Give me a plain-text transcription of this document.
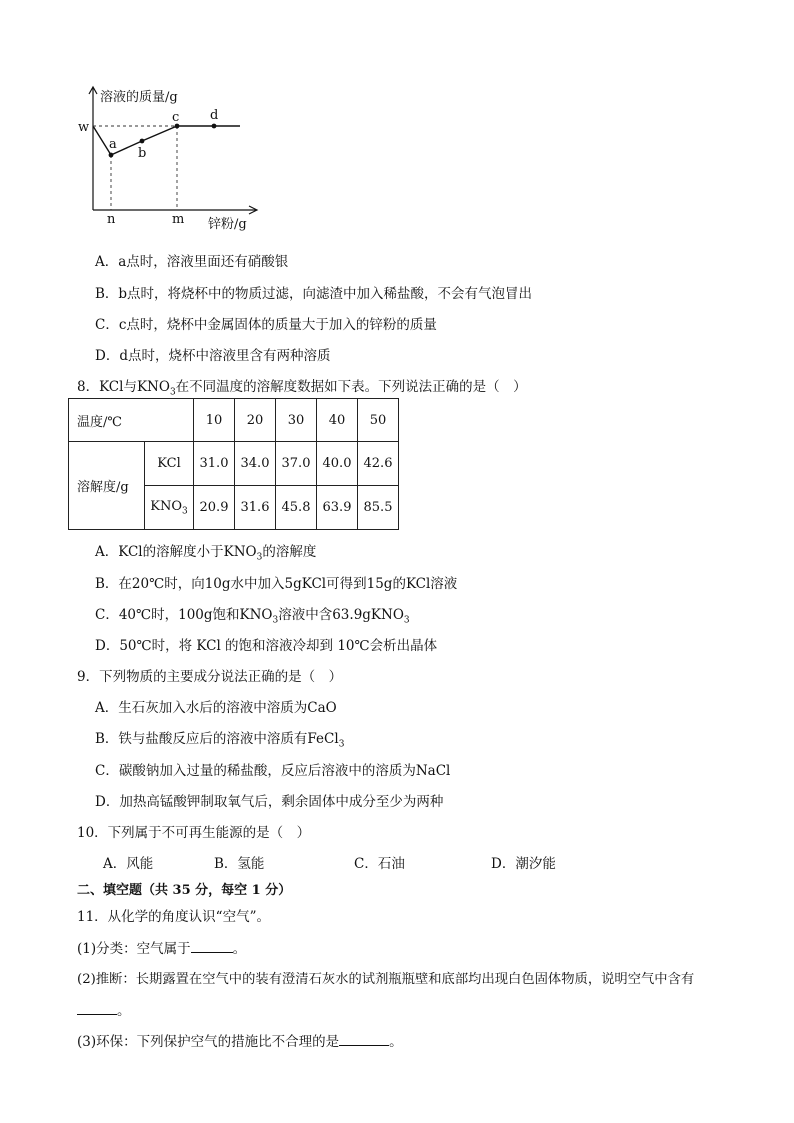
溶液的质量/g
锌粉/g
w
a
b
c d
n	m
A．a点时，溶液里面还有硝酸银
B．b点时，将烧杯中的物质过滤，向滤渣中加入稀盐酸，不会有气泡冒出
C．c点时，烧杯中金属固体的质量大于加入的锌粉的质量
D．d点时，烧杯中溶液里含有两种溶质
8．KCl与$KNO_3$在不同温度的溶解度数据如下表。下列说法正确的是（　）
温度/℃		10	20	30	40	50
溶解度/g	KCl	31.0	34.0	37.0	40.0	42.6
	$KNO_3$	20.9	31.6	45.8	63.9	85.5
A．KCl的溶解度小于$KNO_3$的溶解度
B．在20℃时，向10g水中加入5gKCl可得到15g的KCl溶液
C．40℃时，100g饱和$KNO_3$溶液中含63.9gKNO$_3$
D．50℃时，将 KCl 的饱和溶液冷却到 10℃会析出晶体
9．下列物质的主要成分说法正确的是（　）
A．生石灰加入水后的溶液中溶质为CaO
B．铁与盐酸反应后的溶液中溶质有FeCl$_3$
C．碳酸钠加入过量的稀盐酸，反应后溶液中的溶质为NaCl
D．加热高锰酸钾制取氧气后，剩余固体中成分至少为两种
10．下列属于不可再生能源的是（　）
A．风能	B．氢能	C．石油	D．潮汐能
二、填空题（共 35 分，每空 1 分）
11．从化学的角度认识“空气”。
(1)分类：空气属于	。
(2)推断：长期露置在空气中的装有澄清石灰水的试剂瓶瓶壁和底部均出现白色固体物质，说明空气中含有
。
(3)环保：下列保护空气的措施比不合理的是	。
